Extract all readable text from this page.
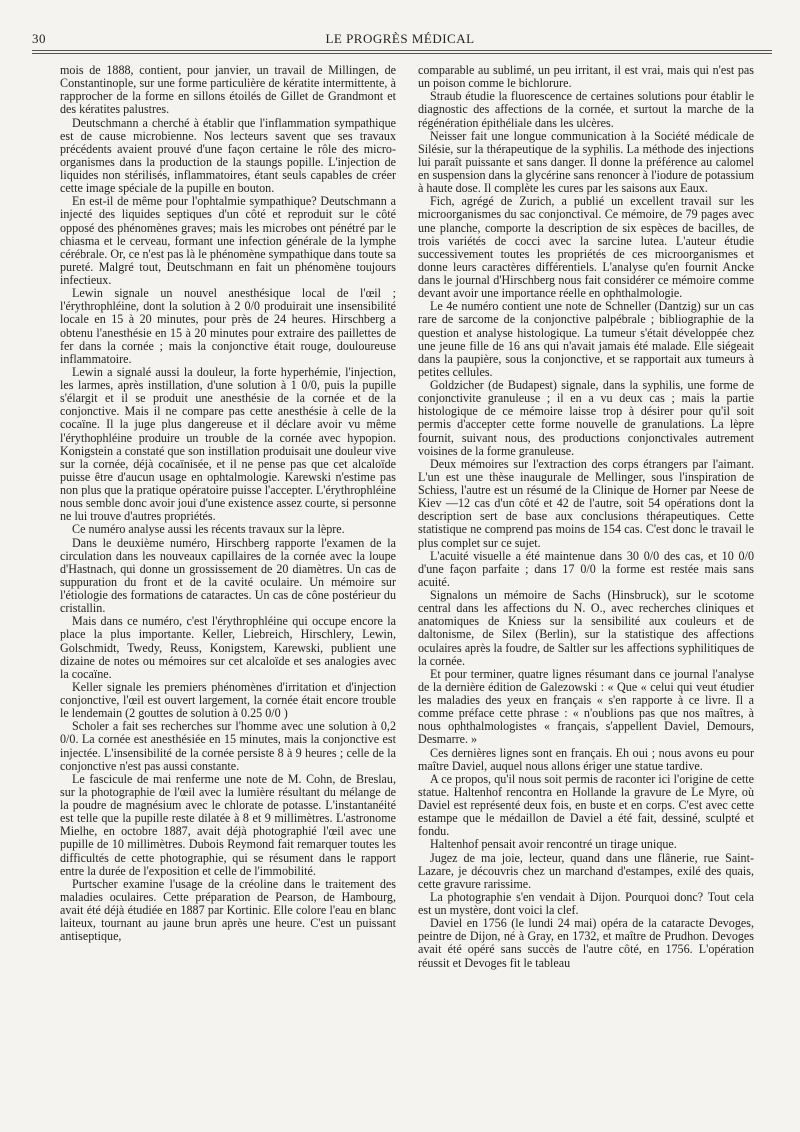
30	LE PROGRÈS MÉDICAL

mois de 1888, contient, pour janvier, un travail de Millingen, de Constantinople, sur une forme particulière de kératite intermittente, à rapprocher de la forme en sillons étoilés de Gillet de Grandmont et des kératites palustres.

Deutschmann a cherché à établir que l'inflammation sympathique est de cause microbienne. Nos lecteurs savent que ses travaux précédents avaient prouvé d'une façon certaine le rôle des micro-organismes dans la production de la staungs popille. L'injection de liquides non stérilisés, inflammatoires, étant seuls capables de créer cette image spéciale de la pupille en bouton.

En est-il de même pour l'ophtalmie sympathique? Deutschmann a injecté des liquides septiques d'un côté et reproduit sur le côté opposé des phénomènes graves; mais les microbes ont pénétré par le chiasma et le cerveau, formant une infection générale de la lymphe cérébrale. Or, ce n'est pas là le phénomène sympathique dans toute sa pureté. Malgré tout, Deutschmann en fait un phénomène toujours infectieux.

Lewin signale un nouvel anesthésique local de l'œil ; l'érythrophléine, dont la solution à 2 0/0 produirait une insensibilité locale en 15 à 20 minutes, pour près de 24 heures. Hirschberg a obtenu l'anesthésie en 15 à 20 minutes pour extraire des paillettes de fer dans la cornée ; mais la conjonctive était rouge, douloureuse inflammatoire.

Lewin a signalé aussi la douleur, la forte hyperhémie, l'injection, les larmes, après instillation, d'une solution à 1 0/0, puis la pupille s'élargit et il se produit une anesthésie de la cornée et de la conjonctive. Mais il ne compare pas cette anesthésie à celle de la cocaïne. Il la juge plus dangereuse et il déclare avoir vu même l'érythophléine produire un trouble de la cornée avec hypopion. Konigstein a constaté que son instillation produisait une douleur vive sur la cornée, déjà cocaïnisée, et il ne pense pas que cet alcaloïde puisse être d'aucun usage en ophtalmologie. Karewski n'estime pas non plus que la pratique opératoire puisse l'accepter. L'érythrophléine nous semble donc avoir joui d'une existence assez courte, si personne ne lui trouve d'autres propriétés.

Ce numéro analyse aussi les récents travaux sur la lèpre.

Dans le deuxième numéro, Hirschberg rapporte l'examen de la circulation dans les nouveaux capillaires de la cornée avec la loupe d'Hastnach, qui donne un grossissement de 20 diamètres. Un cas de suppuration du front et de la cavité oculaire. Un mémoire sur l'étiologie des formations de cataractes. Un cas de cône postérieur du cristallin.

Mais dans ce numéro, c'est l'érythrophléine qui occupe encore la place la plus importante. Keller, Liebreich, Hirschlery, Lewin, Golschmidt, Twedy, Reuss, Konigstem, Karewski, publient une dizaine de notes ou mémoires sur cet alcaloïde et ses analogies avec la cocaïne.

Keller signale les premiers phénomènes d'irritation et d'injection conjonctive, l'œil est ouvert largement, la cornée était encore trouble le lendemain (2 gouttes de solution à 0.25 0/0 )

Scholer a fait ses recherches sur l'homme avec une solution à 0,2 0/0. La cornée est anesthésiée en 15 minutes, mais la conjonctive est injectée. L'insensibilité de la cornée persiste 8 à 9 heures ; celle de la conjonctive n'est pas aussi constante.

Le fascicule de mai renferme une note de M. Cohn, de Breslau, sur la photographie de l'œil avec la lumière résultant du mélange de la poudre de magnésium avec le chlorate de potasse. L'instantanéité est telle que la pupille reste dilatée à 8 et 9 millimètres. L'astronome Mielhe, en octobre 1887, avait déjà photographié l'œil avec une pupille de 10 millimètres. Dubois Reymond fait remarquer toutes les difficultés de cette photographie, qui se résument dans le rapport entre la durée de l'exposition et celle de l'immobilité.

Purtscher examine l'usage de la créoline dans le traitement des maladies oculaires. Cette préparation de Pearson, de Hambourg, avait été déjà étudiée en 1887 par Kortinic. Elle colore l'eau en blanc laiteux, tournant au jaune brun après une heure. C'est un puissant antiseptique,

comparable au sublimé, un peu irritant, il est vrai, mais qui n'est pas un poison comme le bichlorure.

Straub étudie la fluorescence de certaines solutions pour établir le diagnostic des affections de la cornée, et surtout la marche de la régénération épithéliale dans les ulcères.

Neisser fait une longue communication à la Société médicale de Silésie, sur la thérapeutique de la syphilis. La méthode des injections lui paraît puissante et sans danger. Il donne la préférence au calomel en suspension dans la glycérine sans renoncer à l'iodure de potassium à haute dose. Il complète les cures par les saisons aux Eaux.

Fich, agrégé de Zurich, a publié un excellent travail sur les microorganismes du sac conjonctival. Ce mémoire, de 79 pages avec une planche, comporte la description de six espèces de bacilles, de trois variétés de cocci avec la sarcine lutea. L'auteur étudie successivement toutes les propriétés de ces microorganismes et donne leurs caractères différentiels. L'analyse qu'en fournit Ancke dans le journal d'Hirschberg nous fait considérer ce mémoire comme devant avoir une importance réelle en ophthalmologie.

Le 4e numéro contient une note de Schneller (Dantzig) sur un cas rare de sarcome de la conjonctive palpébrale ; bibliographie de la question et analyse histologique. La tumeur s'était développée chez une jeune fille de 16 ans qui n'avait jamais été malade. Elle siégeait dans la paupière, sous la conjonctive, et se rapportait aux tumeurs à petites cellules.

Goldzicher (de Budapest) signale, dans la syphilis, une forme de conjonctivite granuleuse ; il en a vu deux cas ; mais la partie histologique de ce mémoire laisse trop à désirer pour qu'il soit permis d'accepter cette forme nouvelle de granulations. La lèpre fournit, suivant nous, des productions conjonctivales autrement voisines de la forme granuleuse.

Deux mémoires sur l'extraction des corps étrangers par l'aimant. L'un est une thèse inaugurale de Mellinger, sous l'inspiration de Schiess, l'autre est un résumé de la Clinique de Horner par Neese de Kiev —12 cas d'un côté et 42 de l'autre, soit 54 opérations dont la description sert de base aux conclusions thérapeutiques. Cette statistique ne comprend pas moins de 154 cas. C'est donc le travail le plus complet sur ce sujet.

L'acuité visuelle a été maintenue dans 30 0/0 des cas, et 10 0/0 d'une façon parfaite ; dans 17 0/0 la forme est restée mais sans acuité.

Signalons un mémoire de Sachs (Hinsbruck), sur le scotome central dans les affections du N. O., avec recherches cliniques et anatomiques de Kniess sur la sensibilité aux couleurs et de daltonisme, de Silex (Berlin), sur la statistique des affections oculaires après la foudre, de Saltler sur les affections syphilitiques de la cornée.

Et pour terminer, quatre lignes résumant dans ce journal l'analyse de la dernière édition de Galezowski : « Que « celui qui veut étudier les maladies des yeux en français « s'en rapporte à ce livre. Il a comme préface cette phrase : « n'oublions pas que nos maîtres, à nous ophthalmologistes « français, s'appellent Daviel, Demours, Desmarre. »

Ces dernières lignes sont en français. Eh oui ; nous avons eu pour maître Daviel, auquel nous allons ériger une statue tardive.

A ce propos, qu'il nous soit permis de raconter ici l'origine de cette statue. Haltenhof rencontra en Hollande la gravure de Le Myre, où Daviel est représenté deux fois, en buste et en corps. C'est avec cette estampe que le médaillon de Daviel a été fait, dessiné, sculpté et fondu.

Haltenhof pensait avoir rencontré un tirage unique.

Jugez de ma joie, lecteur, quand dans une flânerie, rue Saint-Lazare, je découvris chez un marchand d'estampes, exilé des quais, cette gravure rarissime.

La photographie s'en vendait à Dijon. Pourquoi donc? Tout cela est un mystère, dont voici la clef.

Daviel en 1756 (le lundi 24 mai) opéra de la cataracte Devoges, peintre de Dijon, né à Gray, en 1732, et maître de Prudhon. Devoges avait été opéré sans succès de l'autre côté, en 1756. L'opération réussit et Devoges fit le tableau
